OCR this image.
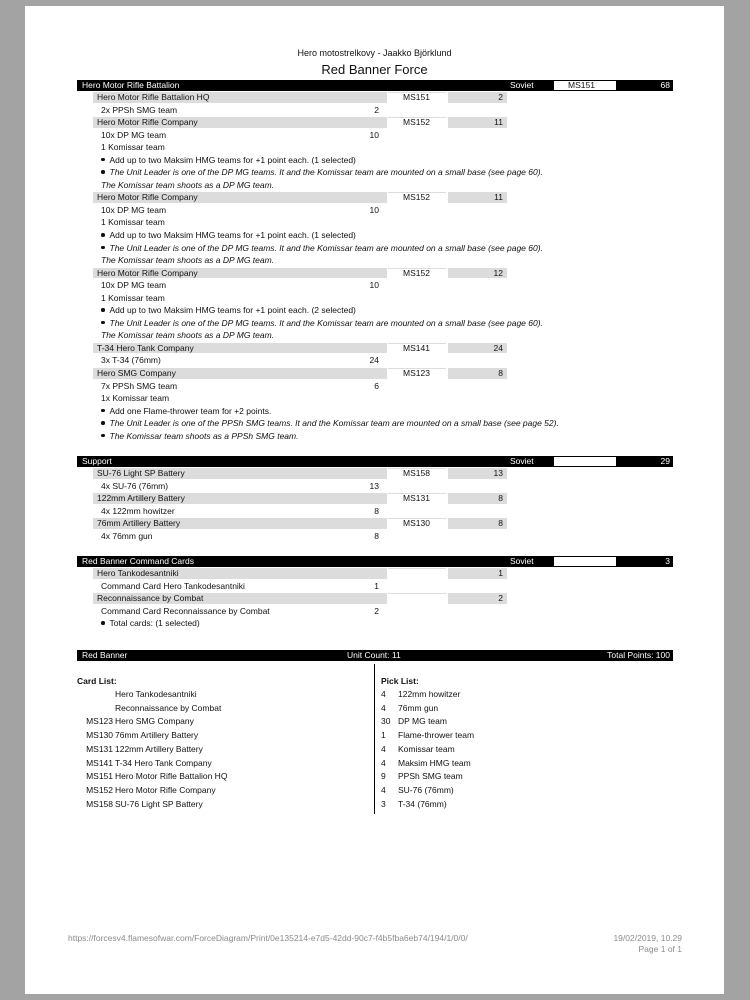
Hero motostrelkovy - Jaakko Björklund
Red Banner Force
Hero Motor Rifle Battalion	Soviet	MS151	68
Hero Motor Rifle Battalion HQ	MS151	2
2x PPSh SMG team	2
Hero Motor Rifle Company	MS152	11
10x DP MG team	10
1 Komissar team
Add up to two Maksim HMG teams for +1 point each. (1 selected)
The Unit Leader is one of the DP MG teams. It and the Komissar team are mounted on a small base (see page 60).
The Komissar team shoots as a DP MG team.
Hero Motor Rifle Company	MS152	11
10x DP MG team	10
1 Komissar team
Add up to two Maksim HMG teams for +1 point each. (1 selected)
The Unit Leader is one of the DP MG teams. It and the Komissar team are mounted on a small base (see page 60).
The Komissar team shoots as a DP MG team.
Hero Motor Rifle Company	MS152	12
10x DP MG team	10
1 Komissar team
Add up to two Maksim HMG teams for +1 point each. (2 selected)
The Unit Leader is one of the DP MG teams. It and the Komissar team are mounted on a small base (see page 60).
The Komissar team shoots as a DP MG team.
T-34 Hero Tank Company	MS141	24
3x T-34 (76mm)	24
Hero SMG Company	MS123	8
7x PPSh SMG team	6
1x Komissar team
Add one Flame-thrower team for +2 points.
The Unit Leader is one of the PPSh SMG teams. It and the Komissar team are mounted on a small base (see page 52).
The Komissar team shoots as a PPSh SMG team.
Support	Soviet	29
SU-76 Light SP Battery	MS158	13
4x SU-76 (76mm)	13
122mm Artillery Battery	MS131	8
4x 122mm howitzer	8
76mm Artillery Battery	MS130	8
4x 76mm gun	8
Red Banner Command Cards	Soviet	3
Hero Tankodesantniki	1
Command Card Hero Tankodesantniki	1
Reconnaissance by Combat	2
Command Card Reconnaissance by Combat	2
Total cards: (1 selected)
Red Banner	Unit Count: 11	Total Points: 100
Card List:
Hero Tankodesantniki
Reconnaissance by Combat
MS123 Hero SMG Company
MS130 76mm Artillery Battery
MS131 122mm Artillery Battery
MS141 T-34 Hero Tank Company
MS151 Hero Motor Rifle Battalion HQ
MS152 Hero Motor Rifle Company
MS158 SU-76 Light SP Battery
Pick List:
4 122mm howitzer
4 76mm gun
30 DP MG team
1 Flame-thrower team
4 Komissar team
4 Maksim HMG team
9 PPSh SMG team
4 SU-76 (76mm)
3 T-34 (76mm)
https://forcesv4.flamesofwar.com/ForceDiagram/Print/0e135214-e7d5-42dd-90c7-f4b5fba6eb74/194/1/0/0/	19/02/2019, 10.29
Page 1 of 1
